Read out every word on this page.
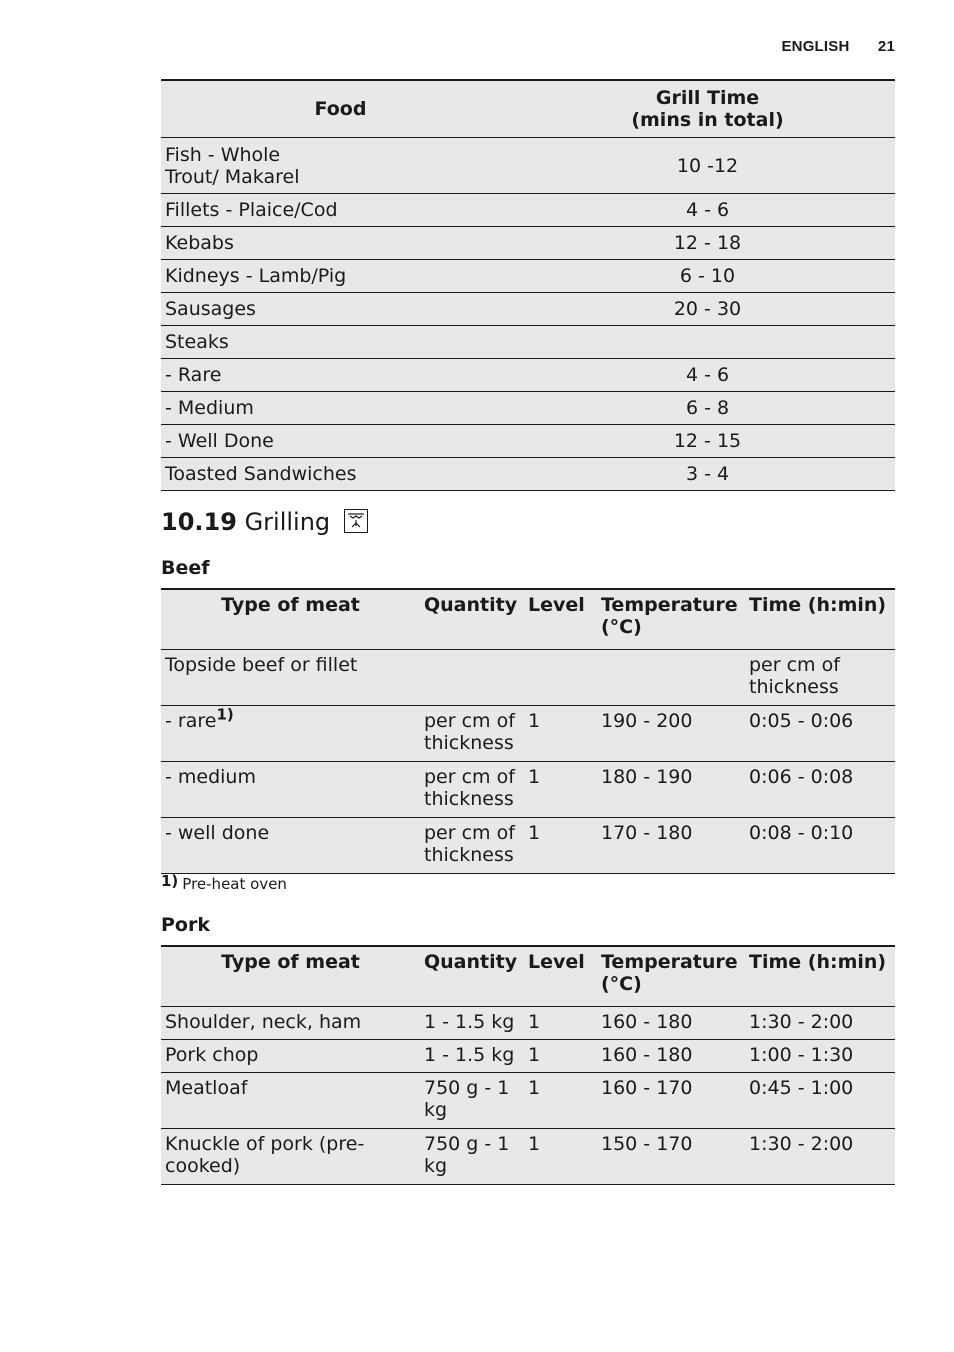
ENGLISH 21
Food	Grill Time
(mins in total)
Fish - Whole
Trout/ Makarel	10 -12
Fillets - Plaice/Cod	4 - 6
Kebabs	12 - 18
Kidneys - Lamb/Pig	6 - 10
Sausages	20 - 30
Steaks	
- Rare	4 - 6
- Medium	6 - 8
- Well Done	12 - 15
Toasted Sandwiches	3 - 4
10.19 Grilling
Beef
Type of meat	Quantity	Level	Temperature
(°C)	Time (h:min)
Topside beef or fillet				per cm of
thickness
- rare$^{1)}$	per cm of
thickness	1	190 - 200	0:05 - 0:06
- medium	per cm of
thickness	1	180 - 190	0:06 - 0:08
- well done	per cm of
thickness	1	170 - 180	0:08 - 0:10
1) Pre-heat oven
Pork
Type of meat	Quantity	Level	Temperature
(°C)	Time (h:min)
Shoulder, neck, ham	1 - 1.5 kg	1	160 - 180	1:30 - 2:00
Pork chop	1 - 1.5 kg	1	160 - 180	1:00 - 1:30
Meatloaf	750 g - 1
kg	1	160 - 170	0:45 - 1:00
Knuckle of pork (pre-
cooked)	750 g - 1
kg	1	150 - 170	1:30 - 2:00
